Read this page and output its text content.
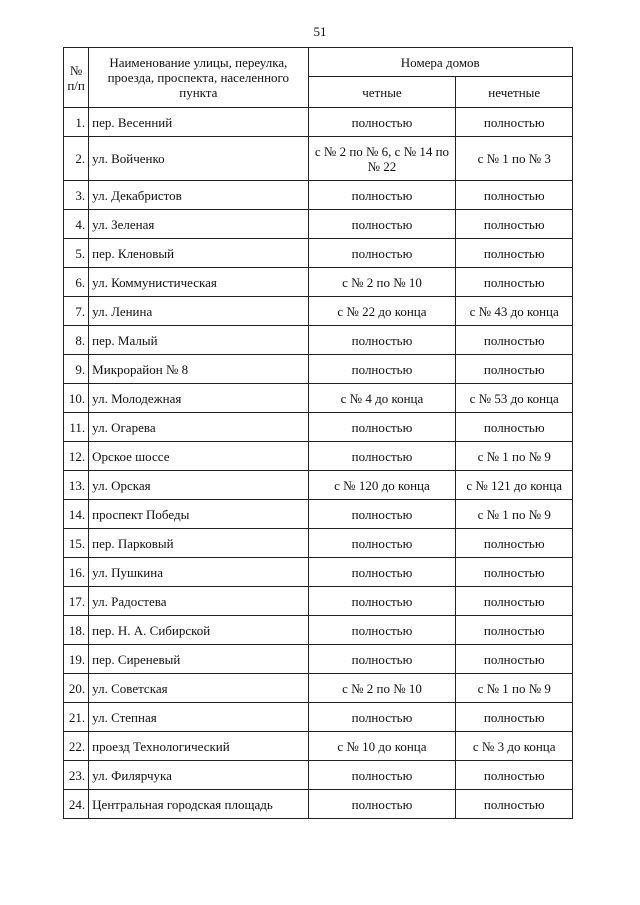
51
№ п/п	Наименование улицы, переулка, проезда, проспекта, населенного пункта	Номера домов	
		четные	нечетные
1.	пер. Весенний	полностью	полностью
2.	ул. Войченко	с № 2 по № 6, с № 14 по № 22	с № 1 по № 3
3.	ул. Декабристов	полностью	полностью
4.	ул. Зеленая	полностью	полностью
5.	пер. Кленовый	полностью	полностью
6.	ул. Коммунистическая	с № 2 по № 10	полностью
7.	ул. Ленина	с № 22 до конца	с № 43 до конца
8.	пер. Малый	полностью	полностью
9.	Микрорайон № 8	полностью	полностью
10.	ул. Молодежная	с № 4 до конца	с № 53 до конца
11.	ул. Огарева	полностью	полностью
12.	Орское шоссе	полностью	с № 1 по № 9
13.	ул. Орская	с № 120 до конца	с № 121 до конца
14.	проспект Победы	полностью	с № 1 по № 9
15.	пер. Парковый	полностью	полностью
16.	ул. Пушкина	полностью	полностью
17.	ул. Радостева	полностью	полностью
18.	пер. Н. А. Сибирской	полностью	полностью
19.	пер. Сиреневый	полностью	полностью
20.	ул. Советская	с № 2 по № 10	с № 1 по № 9
21.	ул. Степная	полностью	полностью
22.	проезд Технологический	с № 10 до конца	с № 3 до конца
23.	ул. Филярчука	полностью	полностью
24.	Центральная городская площадь	полностью	полностью
